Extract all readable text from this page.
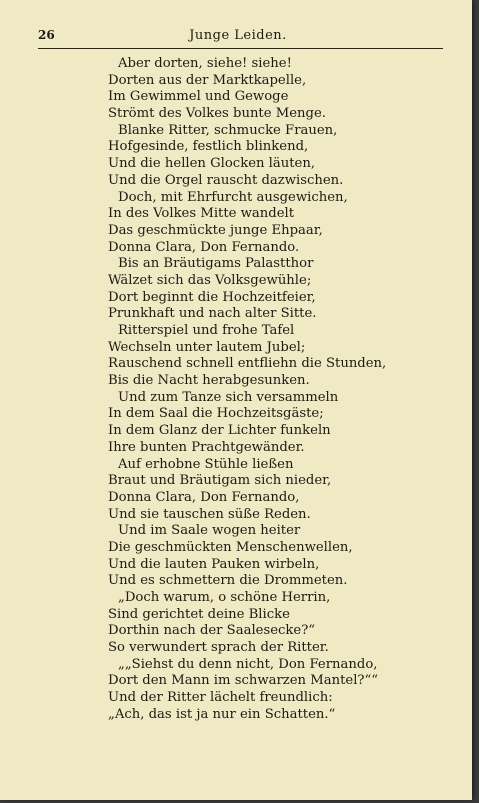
26	Junge Leiden.
Aber dorten, siehe! siehe!
Dorten aus der Marktkapelle,
Im Gewimmel und Gewoge
Strömt des Volkes bunte Menge.
Blanke Ritter, schmucke Frauen,
Hofgesinde, festlich blinkend,
Und die hellen Glocken läuten,
Und die Orgel rauscht dazwischen.
Doch, mit Ehrfurcht ausgewichen,
In des Volkes Mitte wandelt
Das geschmückte junge Ehpaar,
Donna Clara, Don Fernando.
Bis an Bräutigams Palastthor
Wälzet sich das Volksgewühle;
Dort beginnt die Hochzeitfeier,
Prunkhaft und nach alter Sitte.
Ritterspiel und frohe Tafel
Wechseln unter lautem Jubel;
Rauschend schnell entfliehn die Stunden,
Bis die Nacht herabgesunken.
Und zum Tanze sich versammeln
In dem Saal die Hochzeitsgäste;
In dem Glanz der Lichter funkeln
Ihre bunten Prachtgewänder.
Auf erhobne Stühle ließen
Braut und Bräutigam sich nieder,
Donna Clara, Don Fernando,
Und sie tauschen süße Reden.
Und im Saale wogen heiter
Die geschmückten Menschenwellen,
Und die lauten Pauken wirbeln,
Und es schmettern die Drommeten.
„Doch warum, o schöne Herrin,
Sind gerichtet deine Blicke
Dorthin nach der Saalesecke?“
So verwundert sprach der Ritter.
„„Siehst du denn nicht, Don Fernando,
Dort den Mann im schwarzen Mantel?““
Und der Ritter lächelt freundlich:
„Ach, das ist ja nur ein Schatten.“
